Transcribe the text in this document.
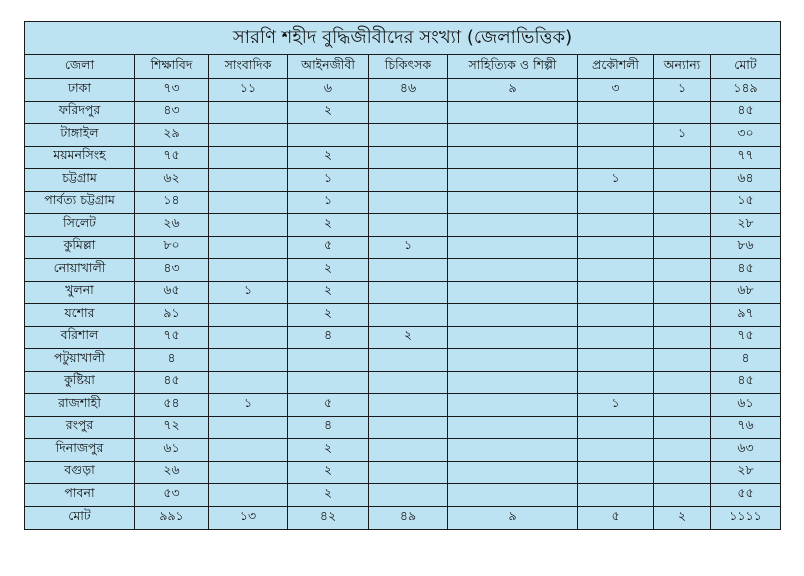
সারণি শহীদ বুদ্ধিজীবীদের সংখ্যা (জেলাভিত্তিক)								
জেলা	শিক্ষাবিদ	সাংবাদিক	আইনজীবী	চিকিৎসক	সাহিত্যিক ও শিল্পী	প্রকৌশলী	অন্যান্য	মোট
ঢাকা	৭৩	১১	৬	৪৬	৯	৩	১	১৪৯
ফরিদপুর	৪৩		২					৪৫
টাঙ্গাইল	২৯						১	৩০
ময়মনসিংহ	৭৫		২					৭৭
চট্টগ্রাম	৬২		১			১		৬৪
পার্বত্য চট্টগ্রাম	১৪		১					১৫
সিলেট	২৬		২					২৮
কুমিল্লা	৮০		৫	১				৮৬
নোয়াখালী	৪৩		২					৪৫
খুলনা	৬৫	১	২					৬৮
যশোর	৯১		২					৯৭
বরিশাল	৭৫		৪	২				৭৫
পটুয়াখালী	৪							৪
কুষ্টিয়া	৪৫							৪৫
রাজশাহী	৫৪	১	৫			১		৬১
রংপুর	৭২		৪					৭৬
দিনাজপুর	৬১		২					৬৩
বগুড়া	২৬		২					২৮
পাবনা	৫৩		২					৫৫
মোট	৯৯১	১৩	৪২	৪৯	৯	৫	২	১১১১
